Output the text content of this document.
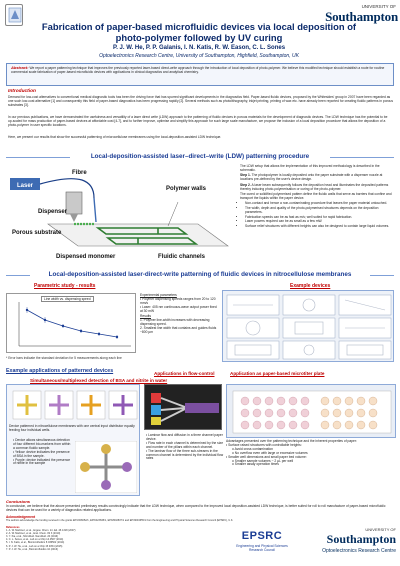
Fabrication of paper-based microfluidic devices via local deposition of photo-polymer followed by UV curing
P. J. W. He, P. P. Galanis, I. N. Katis, R. W. Eason, C. L. Sones
Optoelectronics Research Centre, University of Southampton, Highfield, Southampton, UK
UNIVERSITY OF
Southampton
Abstract: We report a paper patterning technique that improves the previously reported laser-based direct-write approach through the introduction of local deposition of photo-polymer. We believe this modified technique should establish a route for routine commercial scale fabrication of paper-based microfluidic devices with applications in clinical diagnostics and analytical chemistry.
Introduction
Demand for low-cost alternatives to conventional medical diagnostic tools has been the driving force that has spurred significant developments in the diagnostics field. Paper-based fluidic devices, proposed by the Whitesides' group in 2007 have been regarded as one such low-cost alternative [1] and consequently this field of paper-based diagnostics has been progressing rapidly [2]. Several methods such as photolithography, inkjet printing, printing of wax etc. have already been reported for creating fluidic patterns in porous substrates [3].
In our previous publications, we have demonstrated the usefulness and versatility of a laser direct write (LDW) approach to the patterning of fluidic devices in porous materials for the development of diagnostic devices. The LDW technique has the potential to be up-scaled for mass production of paper-based devices at affordable cost [4-7], and to further improve, optimise and simplify this approach for such large scale manufacture, we propose the inclusion of a local deposition procedure that allows the deposition of a photo-polymer in user specific locations.
Here, we present our results that show the successful patterning of microcellulose membranes using the local-deposition-assisted LDW technique.
Local-deposition-assisted laser–direct–write (LDW) patterning procedure
Laser
Fibre
Dispenser
Polymer walls
Porous substrate
Dispensed monomer	Fluidic channels

The LDW setup that allows the implementation of this improved methodology is described in the schematic.

Step 1. The photopolymer is locally deposited onto the paper substrate with a dispenser nozzle at locations pre-defined by the user's device design.

Step 2. A laser beam subsequently follows the deposition head and illuminates the deposited patterns thereby inducing photo-polymerisation or curing of the photo-polymer.

The cured or solidified polymerised pattern define the fluidic walls that serve as barriers that confine and transport the liquids within the paper device.

• Non-contact and hence a non-contaminating procedure that leaves the paper material untouched.
• The width, depth and quality of the photo-polymerised structures depends on the deposition parameters.
• Fabrication speeds can be as fast as m/s; well suited for rapid fabrication.
• Laser powers required can be as small as a few mW.
• Surface relief structures with different heights can also be designed to contain large liquid volumes.
Local-deposition-assisted laser-direct-write patterning of fluidic devices in nitrocellulose membranes
Parametric study - results	Example devices
Line width vs. dispensing speed

Experimental parameters

• Polymer dispensing speeds ranges from 20 to 120 mm/s

• Laser: 405 nm continuous-wave output power fixed at 30 mW

Results

1. Polymer line-width increases with decreasing dispensing speed.

2. Smallest line width that contains and guides fluids ~800 µm

* Error bars indicate the standard deviation for 5 measurements along each line
Example applications of patterned devices
Simultaneous/multiplexed detection of BSA and nitrite in water
Applications in flow-control	Application as paper-based microtiter plate
Device patterned in nitrocellulose membranes with one central input distributor equally feeding four individual wells.

• Device allows simultaneous detection of four different bio-markers from within a common fluidic sample.

• Yellow: device indicates the presence of BSA in the sample.

• Purple: device indicated the presence of nitrite in the sample

• Laminar flow and diffusion in a three channel paper device.

• Flow rate in each channel is determined by the size and number of the pillars within each channel.

• The laminar flow of the three sub-streams in the common channel is determined by the individual flow rates

Advantages presented over the patterning technique and the inherent properties of paper:

• Surface raised structures with controllable heights:

o Avoid cross contamination

o No overflow even with large or excessive volumes

• Smaller well dimensions and small paper bed volume:

o Smaller sample volumes ~ 2 µL per well

o Smaller assay operation times

Conclusions
In conclusion, we believe that the above presented preliminary results convincingly indicate that the LDW technique, when compared to the improved local deposition-assisted LDW technique, is better suited for roll to roll manufacture of paper-based microfluidic devices that can be used for a variety of diagnostics related applications.
Acknowledgement
The authors acknowledge the funding received in the grants EP/J008052/1, EP/K023845/1, EP/M002837/1 and EP/N004655/1 from the Engineering and Physical Sciences Research Council (EPSRC), U.K.

References

1. A. W. Martinez, et al., Angew. Chem. Int. Ed. 46 1318 (2007)

2. A. W. Martinez, et al., Anal. Chem. 82 3 (2010)

3. Y. Xia, et al., Microfluid. Nanofluid. 20 (2016)

4. C. L. Sones, et al., Lab on a Chip 14 4567 (2014)

5. I. N. Katis, et al., Biomicrofluidics 8 036502 (2014)

6. P. J. W. He, et al., Lab on a Chip 15 4054 (2015)

7. P. J. W. He, et al., Biomicrofluidics 10 (2016)

EPSRC
Engineering and Physical Sciences Research Council
UNIVERSITY OF
Southampton
Optoelectronics Research Centre
